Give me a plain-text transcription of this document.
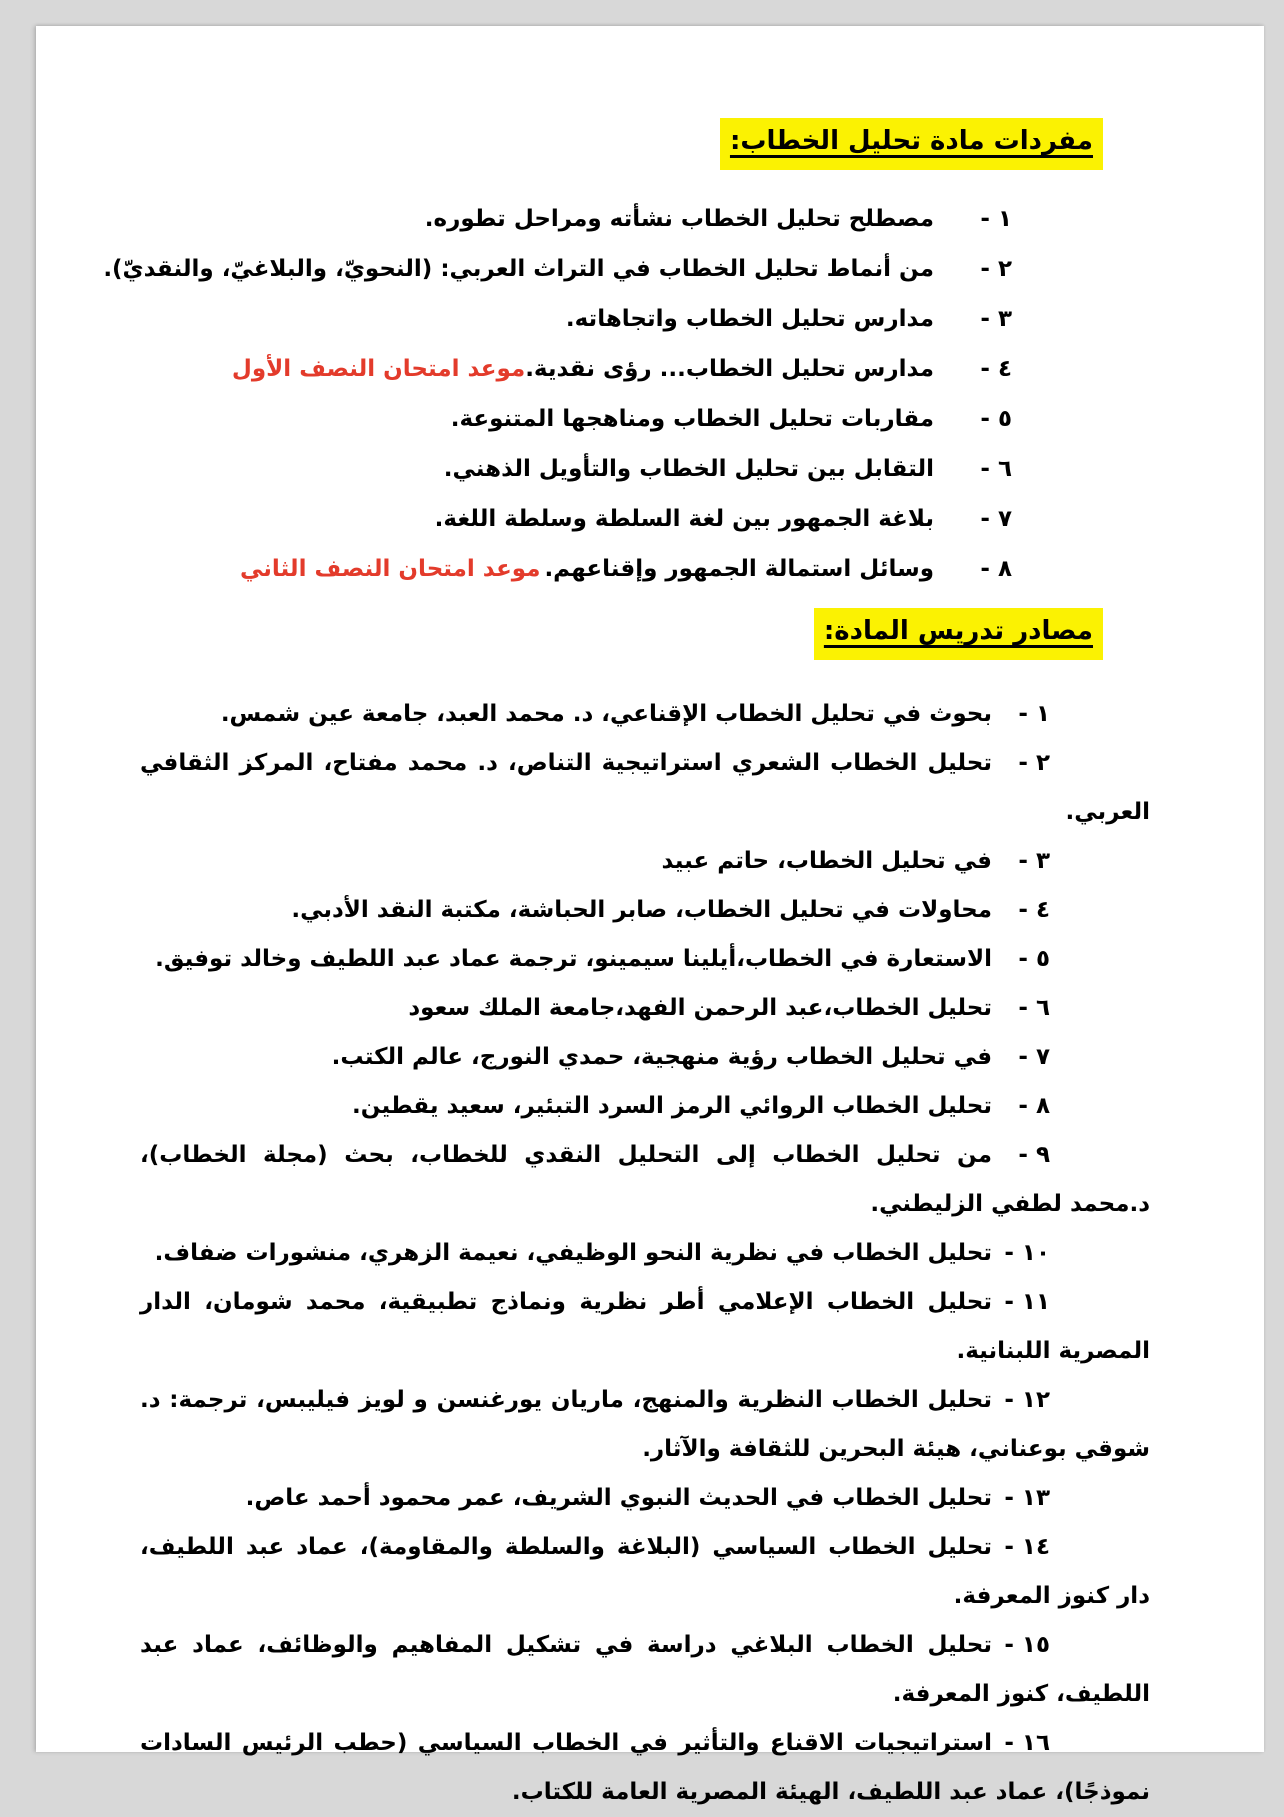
مفردات مادة تحليل الخطاب:
١ -
مصطلح تحليل الخطاب نشأته ومراحل تطوره.
٢ -
من أنماط تحليل الخطاب في التراث العربي: (النحويّ، والبلاغيّ، والنقديّ).
٣ -
مدارس تحليل الخطاب واتجاهاته.
٤ -
مدارس تحليل الخطاب... رؤى نقدية.
موعد امتحان النصف الأول
٥ -
مقاربات تحليل الخطاب ومناهجها المتنوعة.
٦ -
التقابل بين تحليل الخطاب والتأويل الذهني.
٧ -
بلاغة الجمهور بين لغة السلطة وسلطة اللغة.
٨ -
وسائل استمالة الجمهور وإقناعهم.
موعد امتحان النصف الثاني
مصادر تدريس المادة:
١ -بحوث في تحليل الخطاب الإقناعي، د. محمد العبد، جامعة عين شمس.
٢ -تحليل الخطاب الشعري استراتيجية التناص، د. محمد مفتاح، المركز الثقافي العربي.
٣ -في تحليل الخطاب، حاتم عبيد
٤ -محاولات في تحليل الخطاب، صابر الحباشة، مكتبة النقد الأدبي.
٥ -الاستعارة في الخطاب،أيلينا سيمينو، ترجمة عماد عبد اللطيف وخالد توفيق.
٦ -تحليل الخطاب،عبد الرحمن الفهد،جامعة الملك سعود
٧ -في تحليل الخطاب رؤية منهجية، حمدي النورج، عالم الكتب.
٨ -تحليل الخطاب الروائي الرمز السرد التبئير، سعيد يقطين.
٩ -من تحليل الخطاب إلى التحليل النقدي للخطاب، بحث (مجلة الخطاب)، د.محمد لطفي الزليطني.
١٠ -تحليل الخطاب في نظرية النحو الوظيفي، نعيمة الزهري، منشورات ضفاف.
١١ -تحليل الخطاب الإعلامي أطر نظرية ونماذج تطبيقية، محمد شومان، الدار المصرية اللبنانية.
١٢ -تحليل الخطاب النظرية والمنهج، ماريان يورغنسن و لويز فيليبس، ترجمة: د. شوقي بوعناني، هيئة البحرين للثقافة والآثار.
١٣ -تحليل الخطاب في الحديث النبوي الشريف، عمر محمود أحمد عاص.
١٤ -تحليل الخطاب السياسي (البلاغة والسلطة والمقاومة)، عماد عبد اللطيف، دار كنوز المعرفة.
١٥ -تحليل الخطاب البلاغي دراسة في تشكيل المفاهيم والوظائف، عماد عبد اللطيف، كنوز المعرفة.
١٦ -استراتيجيات الاقناع والتأثير في الخطاب السياسي (حطب الرئيس السادات نموذجًا)، عماد عبد اللطيف، الهيئة المصرية العامة للكتاب.
